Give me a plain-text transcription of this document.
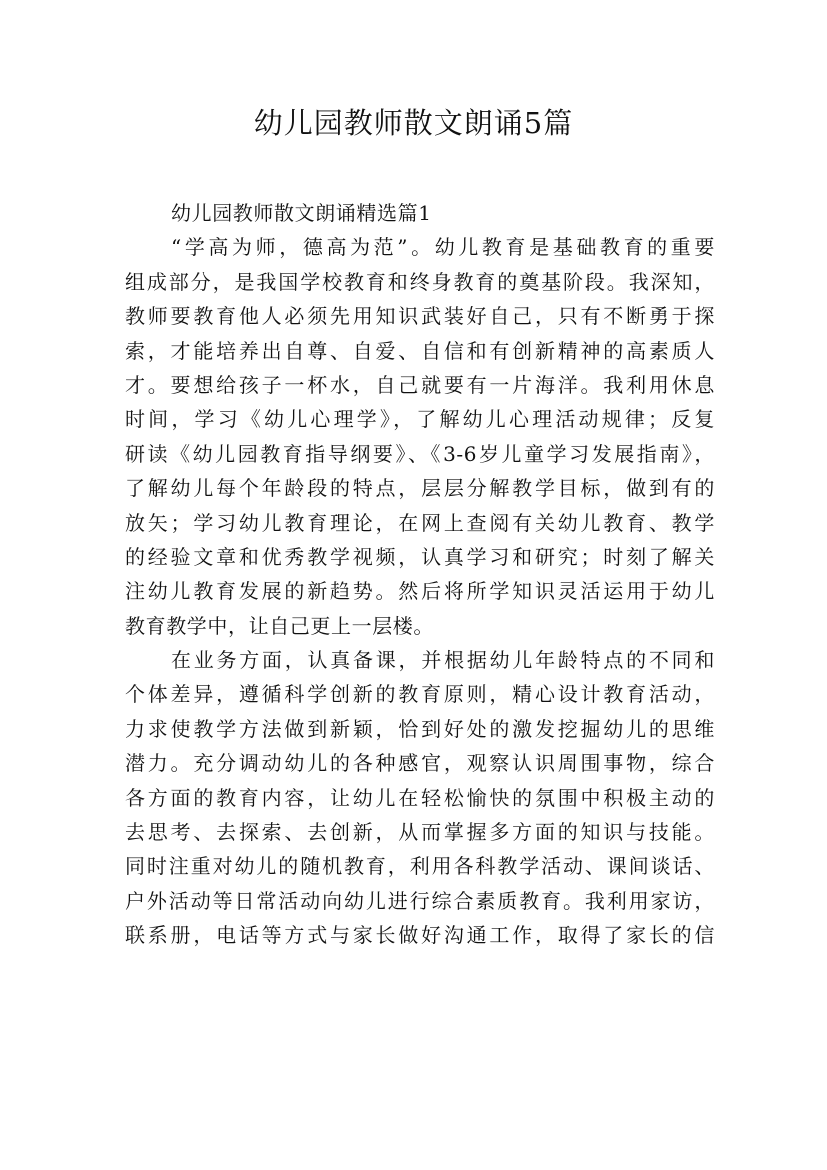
幼儿园教师散文朗诵5篇
幼儿园教师散文朗诵精选篇1
“学高为师，德高为范”。幼儿教育是基础教育的重要
组成部分，是我国学校教育和终身教育的奠基阶段。我深知，
教师要教育他人必须先用知识武装好自己，只有不断勇于探
索，才能培养出自尊、自爱、自信和有创新精神的高素质人
才。要想给孩子一杯水，自己就要有一片海洋。我利用休息
时间，学习《幼儿心理学》，了解幼儿心理活动规律；反复
研读《幼儿园教育指导纲要》、《3-6岁儿童学习发展指南》，
了解幼儿每个年龄段的特点，层层分解教学目标，做到有的
放矢；学习幼儿教育理论，在网上查阅有关幼儿教育、教学
的经验文章和优秀教学视频，认真学习和研究；时刻了解关
注幼儿教育发展的新趋势。然后将所学知识灵活运用于幼儿
教育教学中，让自己更上一层楼。
在业务方面，认真备课，并根据幼儿年龄特点的不同和
个体差异，遵循科学创新的教育原则，精心设计教育活动，
力求使教学方法做到新颖，恰到好处的激发挖掘幼儿的思维
潜力。充分调动幼儿的各种感官，观察认识周围事物，综合
各方面的教育内容，让幼儿在轻松愉快的氛围中积极主动的
去思考、去探索、去创新，从而掌握多方面的知识与技能。
同时注重对幼儿的随机教育，利用各科教学活动、课间谈话、
户外活动等日常活动向幼儿进行综合素质教育。我利用家访，
联系册，电话等方式与家长做好沟通工作，取得了家长的信
